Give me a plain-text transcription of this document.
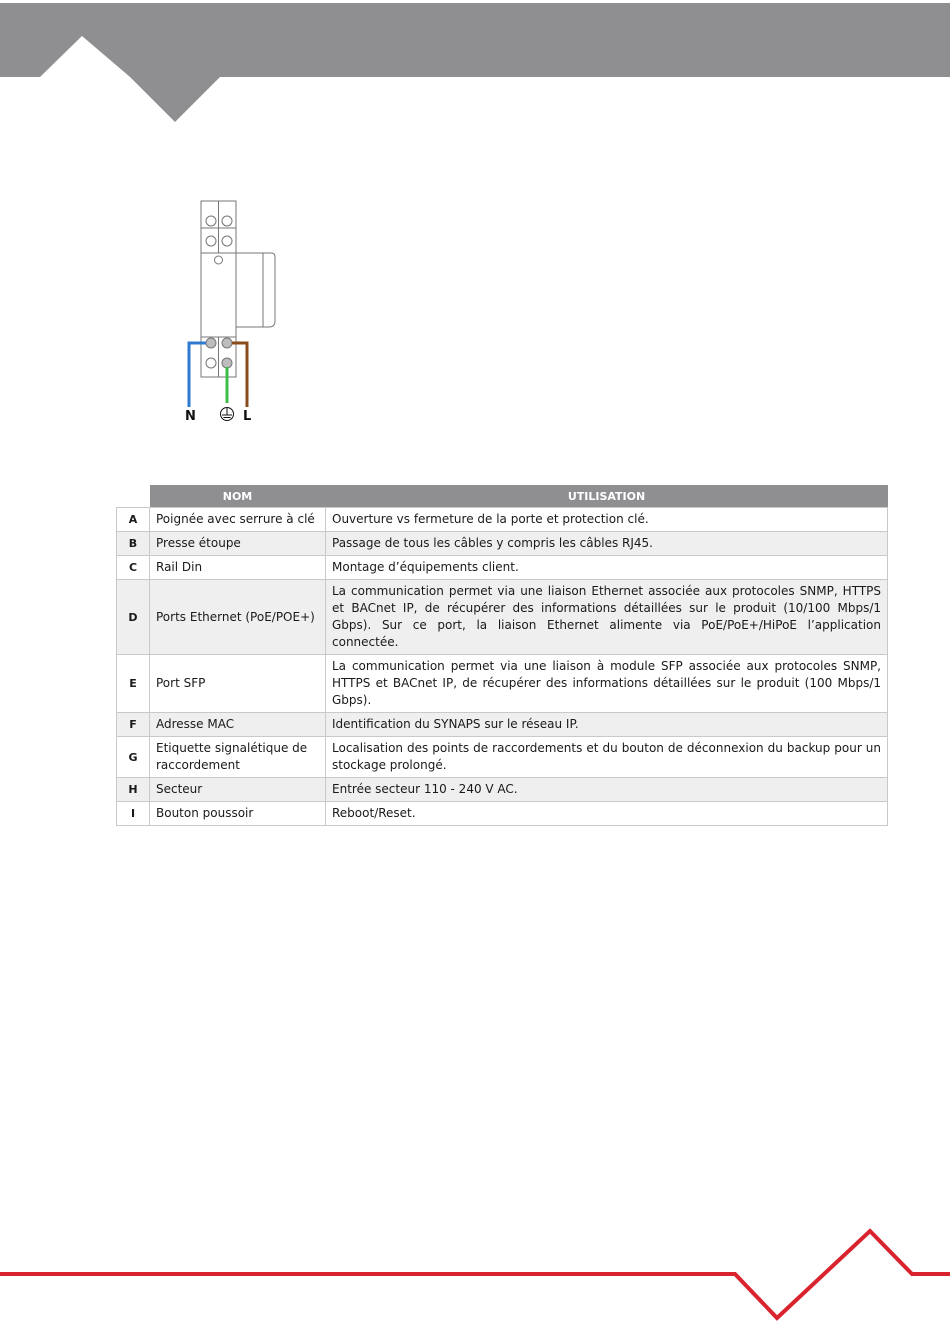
N	L
	NOM	UTILISATION
A	Poignée avec serrure à clé	Ouverture vs fermeture de la porte et protection clé.
B	Presse étoupe	Passage de tous les câbles y compris les câbles RJ45.
C	Rail Din	Montage d’équipements client.
D	Ports Ethernet (PoE/POE+)	La communication permet via une liaison Ethernet associée aux protocoles SNMP, HTTPS et BACnet IP, de récupérer des informations détaillées sur le produit (10/100 Mbps/1 Gbps). Sur ce port, la liaison Ethernet alimente via PoE/PoE+/HiPoE l’application connectée.
E	Port SFP	La communication permet via une liaison à module SFP associée aux protocoles SNMP, HTTPS et BACnet IP, de récupérer des informations détaillées sur le produit (100 Mbps/1 Gbps).
F	Adresse MAC	Identification du SYNAPS sur le réseau IP.
G	Etiquette signalétique de raccordement	Localisation des points de raccordements et du bouton de déconnexion du backup pour un stockage prolongé.
H	Secteur	Entrée secteur 110 - 240 V AC.
I	Bouton poussoir	Reboot/Reset.
